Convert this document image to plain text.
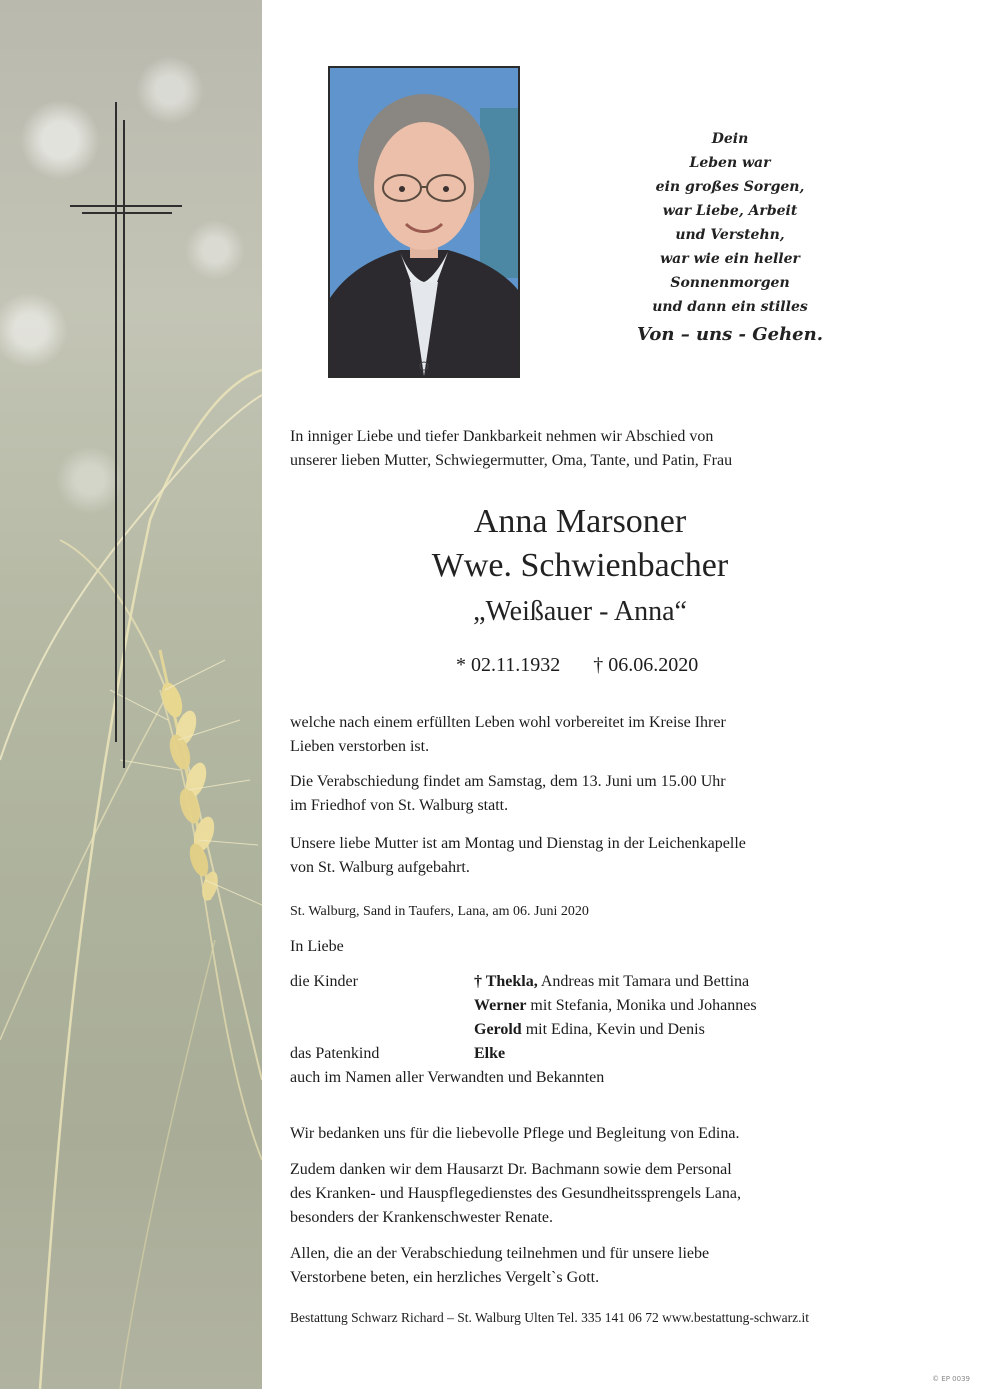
Dein
Leben war
ein großes Sorgen,
war Liebe, Arbeit
und Verstehn,
war wie ein heller
Sonnenmorgen
und dann ein stilles
Von – uns - Gehen.
In inniger Liebe und tiefer Dankbarkeit nehmen wir Abschied von
unserer lieben Mutter, Schwiegermutter, Oma, Tante, und Patin, Frau
Anna Marsoner
Wwe. Schwienbacher
„Weißauer - Anna“
* 02.11.1932 † 06.06.2020
welche nach einem erfüllten Leben wohl vorbereitet im Kreise Ihrer
Lieben verstorben ist.
Die Verabschiedung findet am Samstag, dem 13. Juni um 15.00 Uhr
im Friedhof von St. Walburg statt.
Unsere liebe Mutter ist am Montag und Dienstag in der Leichenkapelle
von St. Walburg aufgebahrt.
St. Walburg, Sand in Taufers, Lana, am 06. Juni 2020
In Liebe
die Kinder	† Thekla, Andreas mit Tamara und Bettina
Werner mit Stefania, Monika und Johannes
Gerold mit Edina, Kevin und Denis
das Patenkind	Elke
auch im Namen aller Verwandten und Bekannten
Wir bedanken uns für die liebevolle Pflege und Begleitung von Edina.
Zudem danken wir dem Hausarzt Dr. Bachmann sowie dem Personal
des Kranken- und Hauspflegedienstes des Gesundheitssprengels Lana,
besonders der Krankenschwester Renate.
Allen, die an der Verabschiedung teilnehmen und für unsere liebe
Verstorbene beten, ein herzliches Vergelt`s Gott.
Bestattung Schwarz Richard – St. Walburg Ulten Tel. 335 141 06 72 www.bestattung-schwarz.it
© EP 0039
